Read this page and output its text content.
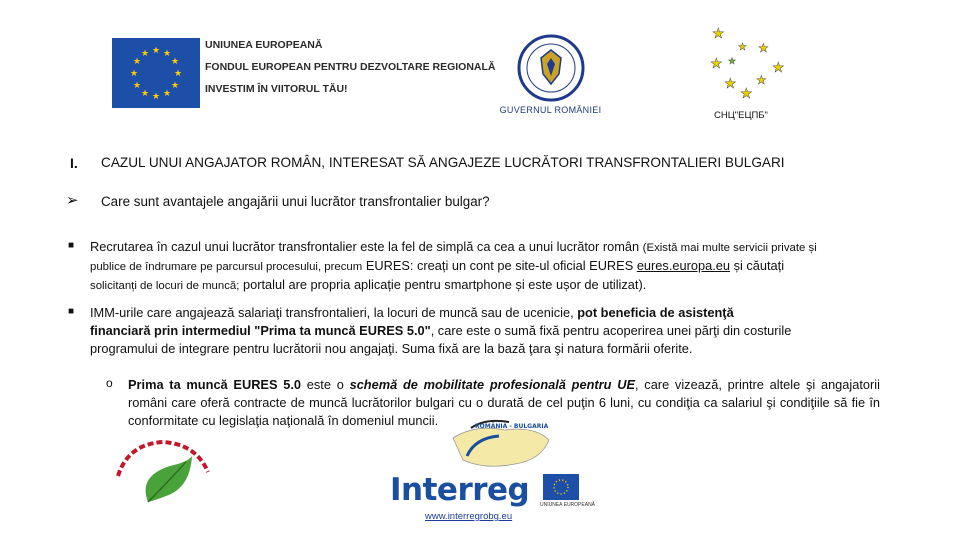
★ ★
★
★
★
★
★
★
★
★
★
★
UNIUNEA EUROPEANĂ
FONDUL EUROPEAN PENTRU DEZVOLTARE REGIONALĂ
INVESTIM ÎN VIITORUL TĂU!
GUVERNUL ROMÂNIEI
★
★ ★
★
★
★
★
★
★
СНЦ"ЕЦПБ"
I. CAZUL UNUI ANGAJATOR ROMÂN, INTERESAT SĂ ANGAJEZE LUCRĂTORI TRANSFRONTALIERI BULGARI
➢ Care sunt avantajele angajării unui lucrător transfrontalier bulgar?
■	Recrutarea în cazul unui lucrător transfrontalier este la fel de simplă ca cea a unui lucrător român (Există mai multe servicii private și
publice de îndrumare pe parcursul procesului, precum EURES: creați un cont pe site-ul oficial EURES eures.europa.eu și căutați
solicitanți de locuri de muncă; portalul are propria aplicație pentru smartphone și este ușor de utilizat).
■	IMM-urile care angajează salariaţi transfrontalieri, la locuri de muncă sau de ucenicie, pot beneficia de asistenţă
financiară prin intermediul "Prima ta muncă EURES 5.0", care este o sumă fixă pentru acoperirea unei părţi din costurile
programului de integrare pentru lucrătorii nou angajaţi. Suma fixă are la bază ţara şi natura formării oferite.
o Prima ta muncă EURES 5.0 este o schemă de mobilitate profesională pentru UE, care vizează, printre altele şi angajatorii români care oferă contracte de muncă lucrătorilor bulgari cu o durată de cel puţin 6 luni, cu condiţia ca salariul şi condiţiile să fie în conformitate cu legislaţia naţională în domeniul muncii.	ROMÂNIA - BULGARIA
Interreg UNIUNEA EUROPEANĂ
www.interregrobg.eu
